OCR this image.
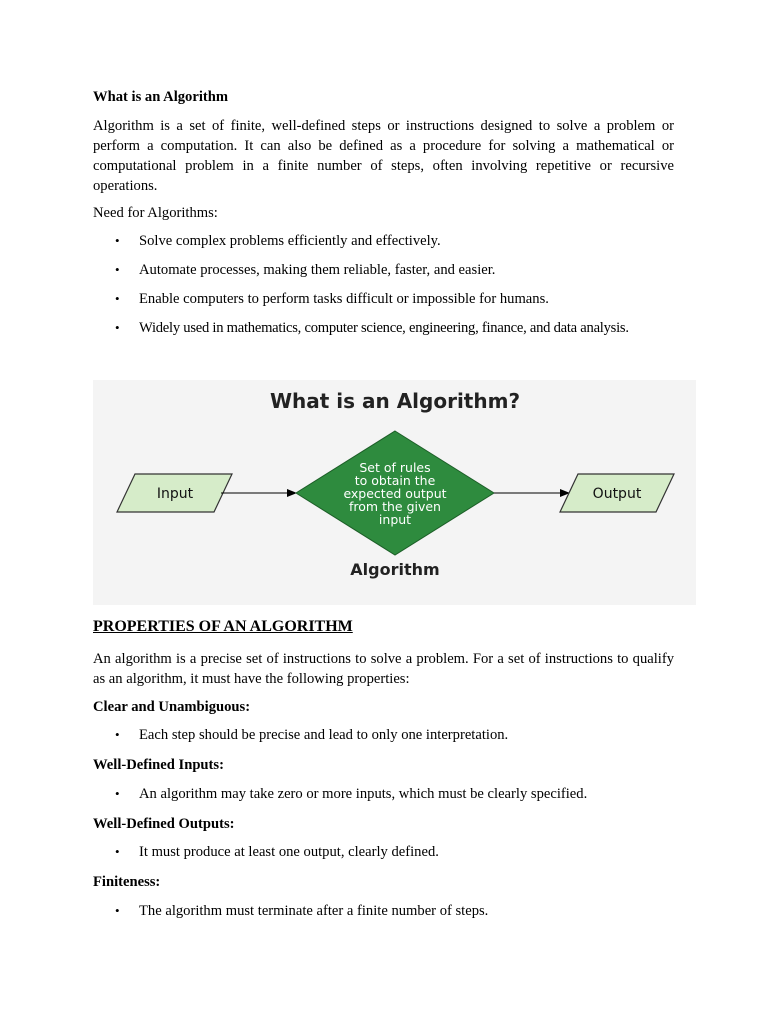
What is an Algorithm
Algorithm is a set of finite, well-defined steps or instructions designed to solve a problem or perform a computation. It can also be defined as a procedure for solving a mathematical or computational problem in a finite number of steps, often involving repetitive or recursive operations.
Need for Algorithms:
• Solve complex problems efficiently and effectively.
• Automate processes, making them reliable, faster, and easier.
• Enable computers to perform tasks difficult or impossible for humans.
• Widely used in mathematics, computer science, engineering, finance, and data analysis.
What is an Algorithm?
Input
Set of rules
to obtain the
expected output
from the given
input
Output
Algorithm
PROPERTIES OF AN ALGORITHM
An algorithm is a precise set of instructions to solve a problem. For a set of instructions to qualify as an algorithm, it must have the following properties:
Clear and Unambiguous:
• Each step should be precise and lead to only one interpretation.
Well-Defined Inputs:
• An algorithm may take zero or more inputs, which must be clearly specified.
Well-Defined Outputs:
• It must produce at least one output, clearly defined.
Finiteness:
• The algorithm must terminate after a finite number of steps.
